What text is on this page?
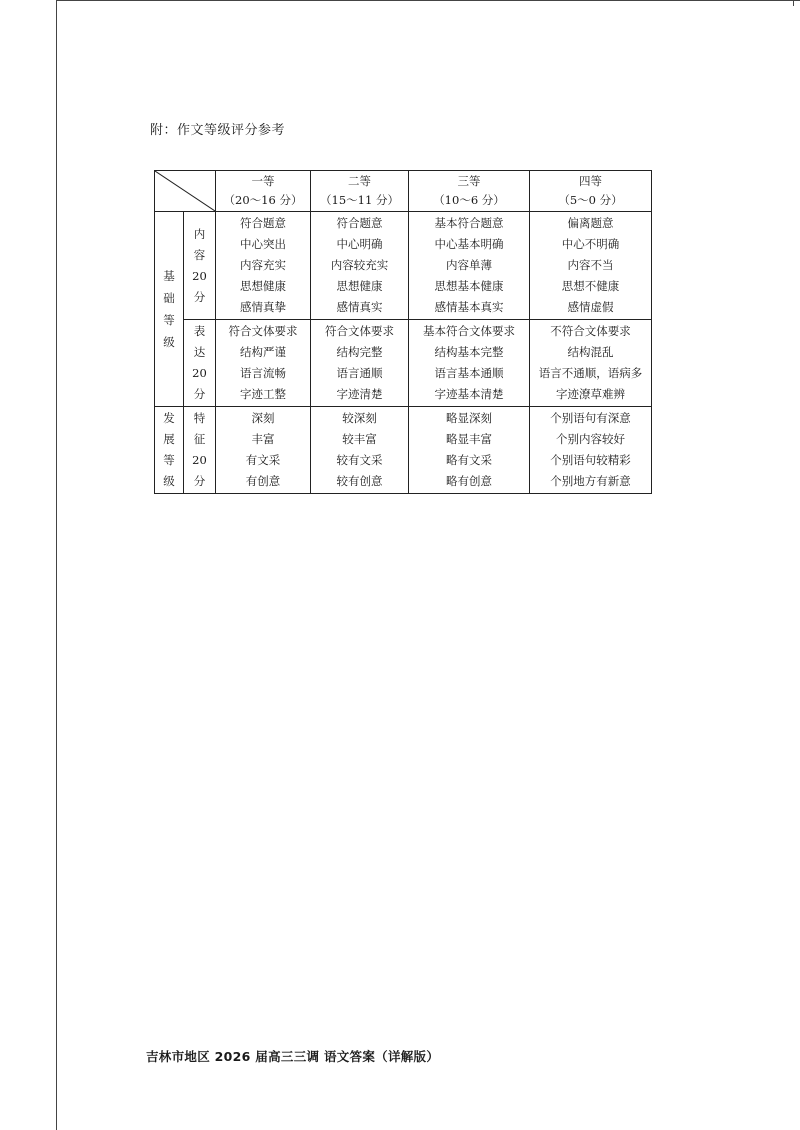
附：作文等级评分参考

一等
（20～16 分）	二等
（15～11 分）	三等
（10～6 分）	四等
（5～0 分）

基
础
等
级	内
容
20
分	符合题意
中心突出
内容充实
思想健康
感情真挚	符合题意
中心明确
内容较充实
思想健康
感情真实	基本符合题意
中心基本明确
内容单薄
思想基本健康
感情基本真实	偏离题意
中心不明确
内容不当
思想不健康
感情虚假

	表
达
20
分	符合文体要求
结构严谨
语言流畅
字迹工整	符合文体要求
结构完整
语言通顺
字迹清楚	基本符合文体要求
结构基本完整
语言基本通顺
字迹基本清楚	不符合文体要求
结构混乱
语言不通顺，语病多
字迹潦草难辨

发
展
等
级	特
征
20
分	深刻
丰富
有文采
有创意	较深刻
较丰富
较有文采
较有创意	略显深刻
略显丰富
略有文采
略有创意	个别语句有深意
个别内容较好
个别语句较精彩
个别地方有新意
吉林市地区 2026 届高三三调 语文答案（详解版）
